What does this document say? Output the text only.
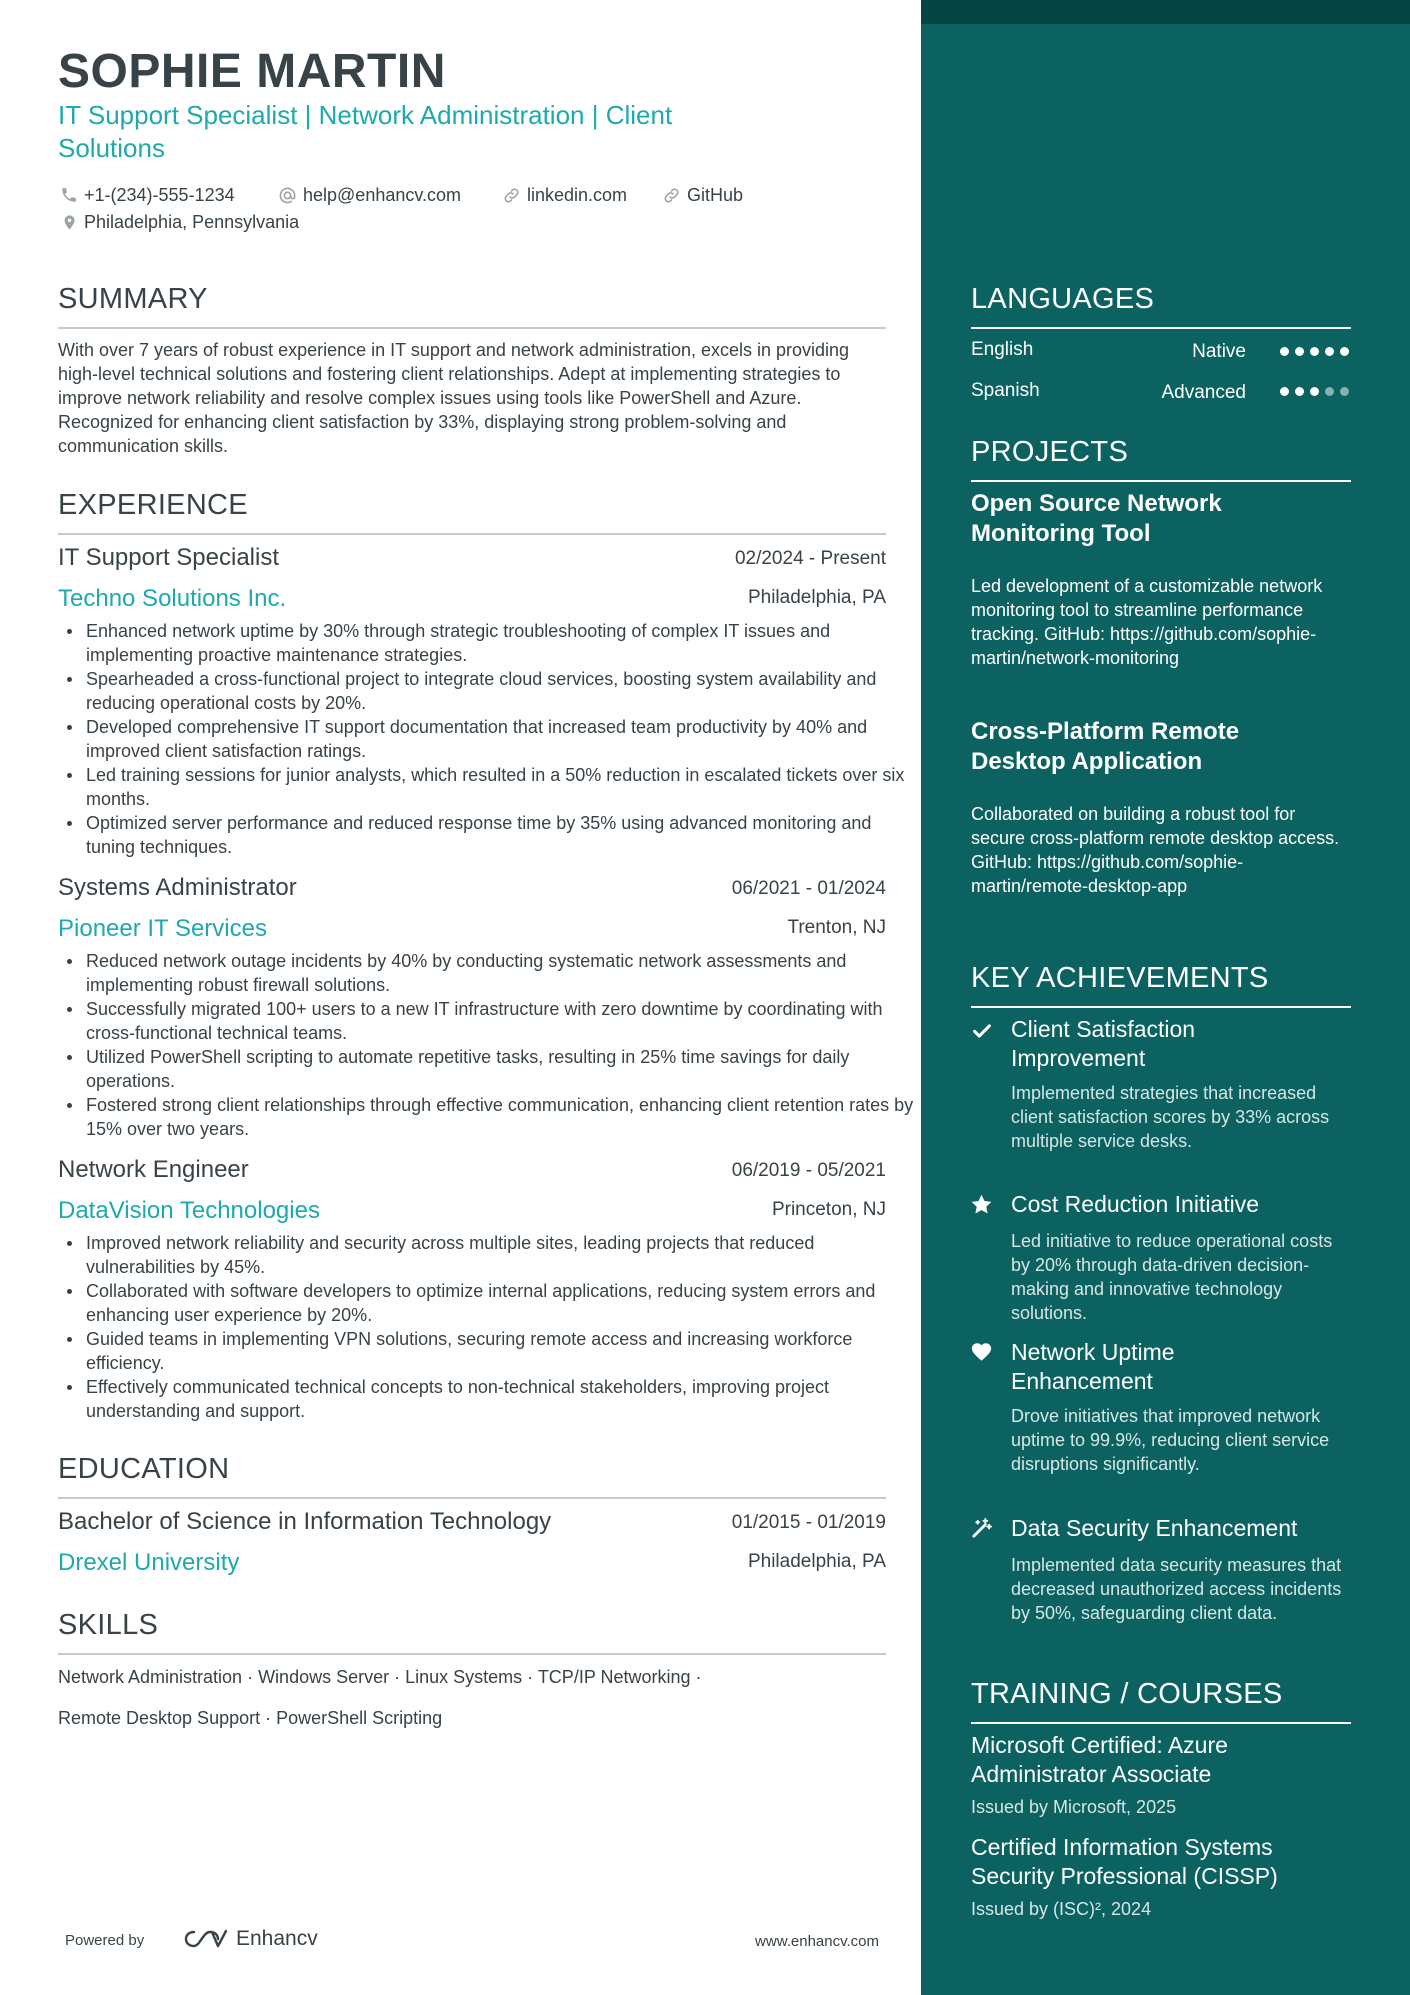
SOPHIE MARTIN
IT Support Specialist | Network Administration | Client Solutions
+1-(234)-555-1234	help@enhancv.com	linkedin.com	GitHub
Philadelphia, Pennsylvania
SUMMARY
With over 7 years of robust experience in IT support and network administration, excels in providing high-level technical solutions and fostering client relationships. Adept at implementing strategies to improve network reliability and resolve complex issues using tools like PowerShell and Azure. Recognized for enhancing client satisfaction by 33%, displaying strong problem-solving and communication skills.
EXPERIENCE
IT Support Specialist	02/2024 - Present
Techno Solutions Inc.	Philadelphia, PA
Enhanced network uptime by 30% through strategic troubleshooting of complex IT issues and implementing proactive maintenance strategies.
Spearheaded a cross-functional project to integrate cloud services, boosting system availability and reducing operational costs by 20%.
Developed comprehensive IT support documentation that increased team productivity by 40% and improved client satisfaction ratings.
Led training sessions for junior analysts, which resulted in a 50% reduction in escalated tickets over six months.
Optimized server performance and reduced response time by 35% using advanced monitoring and tuning techniques.
Systems Administrator	06/2021 - 01/2024
Pioneer IT Services	Trenton, NJ
Reduced network outage incidents by 40% by conducting systematic network assessments and implementing robust firewall solutions.
Successfully migrated 100+ users to a new IT infrastructure with zero downtime by coordinating with cross-functional technical teams.
Utilized PowerShell scripting to automate repetitive tasks, resulting in 25% time savings for daily operations.
Fostered strong client relationships through effective communication, enhancing client retention rates by 15% over two years.
Network Engineer	06/2019 - 05/2021
DataVision Technologies	Princeton, NJ
Improved network reliability and security across multiple sites, leading projects that reduced vulnerabilities by 45%.
Collaborated with software developers to optimize internal applications, reducing system errors and enhancing user experience by 20%.
Guided teams in implementing VPN solutions, securing remote access and increasing workforce efficiency.
Effectively communicated technical concepts to non-technical stakeholders, improving project understanding and support.
EDUCATION
Bachelor of Science in Information Technology	01/2015 - 01/2019
Drexel University	Philadelphia, PA
SKILLS
Network Administration · Windows Server · Linux Systems · TCP/IP Networking ·
Remote Desktop Support · PowerShell Scripting
Powered by	Enhancv	www.enhancv.com
LANGUAGES
English	Native
Spanish	Advanced
PROJECTS
Open Source Network
Monitoring Tool
Led development of a customizable network monitoring tool to streamline performance tracking. GitHub: https://github.com/sophie-martin/network-monitoring
Cross-Platform Remote
Desktop Application
Collaborated on building a robust tool for secure cross-platform remote desktop access. GitHub: https://github.com/sophie-martin/remote-desktop-app
KEY ACHIEVEMENTS
Client Satisfaction Improvement
Implemented strategies that increased client satisfaction scores by 33% across multiple service desks.
Cost Reduction Initiative
Led initiative to reduce operational costs by 20% through data-driven decision-making and innovative technology solutions.
Network Uptime Enhancement
Drove initiatives that improved network uptime to 99.9%, reducing client service disruptions significantly.
Data Security Enhancement
Implemented data security measures that decreased unauthorized access incidents by 50%, safeguarding client data.
TRAINING / COURSES
Microsoft Certified: Azure Administrator Associate
Issued by Microsoft, 2025
Certified Information Systems Security Professional (CISSP)
Issued by (ISC)², 2024
